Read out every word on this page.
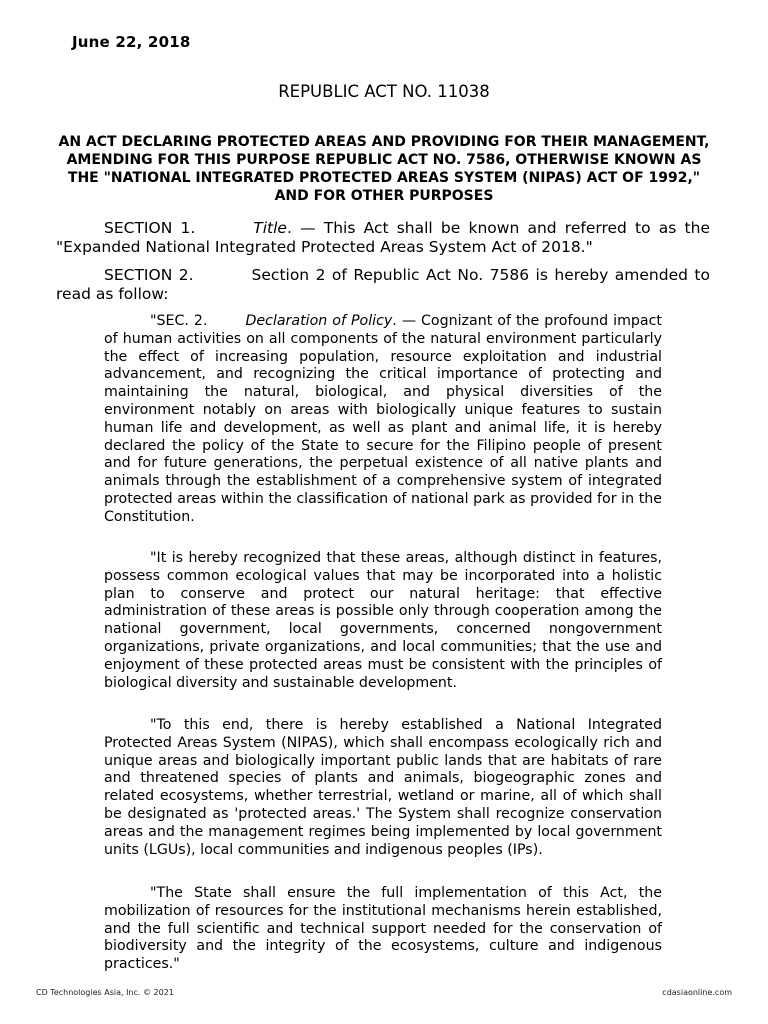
June 22, 2018
REPUBLIC ACT NO. 11038
AN ACT DECLARING PROTECTED AREAS AND PROVIDING FOR THEIR MANAGEMENT, AMENDING FOR THIS PURPOSE REPUBLIC ACT NO. 7586, OTHERWISE KNOWN AS THE "NATIONAL INTEGRATED PROTECTED AREAS SYSTEM (NIPAS) ACT OF 1992," AND FOR OTHER PURPOSES
SECTION 1.	Title. — This Act shall be known and referred to as the "Expanded National Integrated Protected Areas System Act of 2018."
SECTION 2.	Section 2 of Republic Act No. 7586 is hereby amended to read as follow:
"SEC. 2.	Declaration of Policy. — Cognizant of the profound impact of human activities on all components of the natural environment particularly the effect of increasing population, resource exploitation and industrial advancement, and recognizing the critical importance of protecting and maintaining the natural, biological, and physical diversities of the environment notably on areas with biologically unique features to sustain human life and development, as well as plant and animal life, it is hereby declared the policy of the State to secure for the Filipino people of present and for future generations, the perpetual existence of all native plants and animals through the establishment of a comprehensive system of integrated protected areas within the classification of national park as provided for in the Constitution.
"It is hereby recognized that these areas, although distinct in features, possess common ecological values that may be incorporated into a holistic plan to conserve and protect our natural heritage: that effective administration of these areas is possible only through cooperation among the national government, local governments, concerned nongovernment organizations, private organizations, and local communities; that the use and enjoyment of these protected areas must be consistent with the principles of biological diversity and sustainable development.
"To this end, there is hereby established a National Integrated Protected Areas System (NIPAS), which shall encompass ecologically rich and unique areas and biologically important public lands that are habitats of rare and threatened species of plants and animals, biogeographic zones and related ecosystems, whether terrestrial, wetland or marine, all of which shall be designated as 'protected areas.' The System shall recognize conservation areas and the management regimes being implemented by local government units (LGUs), local communities and indigenous peoples (IPs).
"The State shall ensure the full implementation of this Act, the mobilization of resources for the institutional mechanisms herein established, and the full scientific and technical support needed for the conservation of biodiversity and the integrity of the ecosystems, culture and indigenous practices."
CD Technologies Asia, Inc. © 2021	cdasiaonline.com
